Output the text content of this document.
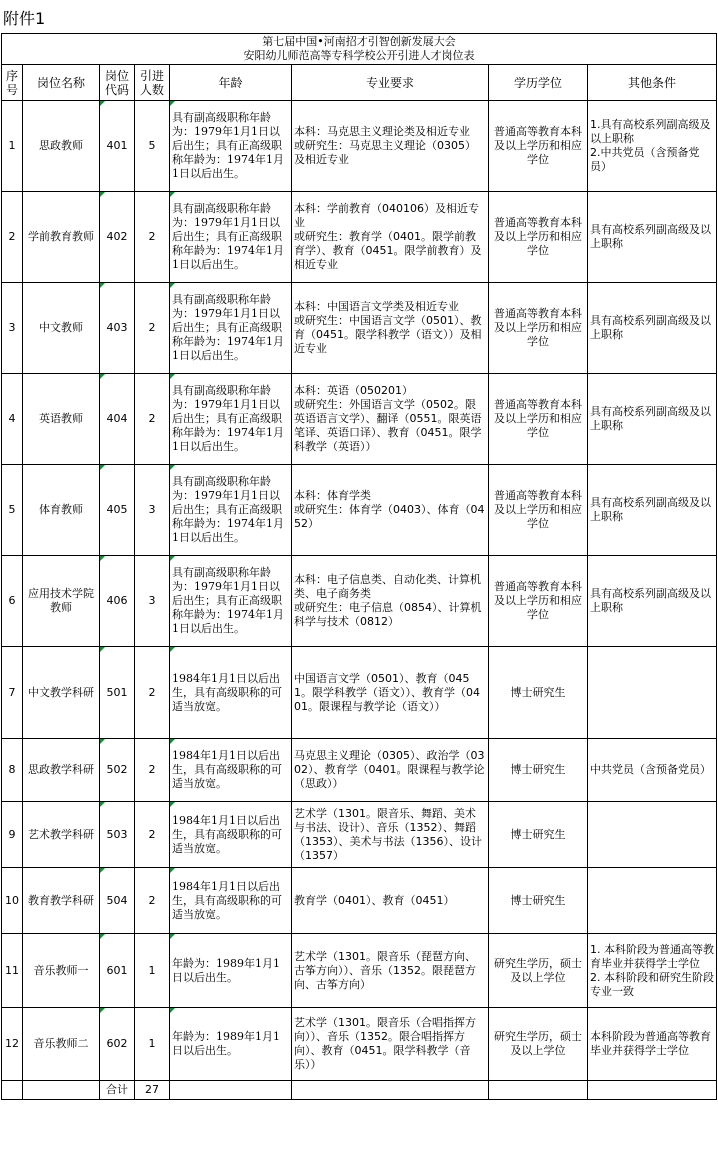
附件1
第七届中国•河南招才引智创新发展大会
安阳幼儿师范高等专科学校公开引进人才岗位表							

序号	岗位名称	岗位代码	引进人数	年龄	专业要求	学历学位	其他条件
1	思政教师	401	5	具有副高级职称年龄为：1979年1月1日以后出生；具有正高级职称年龄为：1974年1月1日以后出生。	本科：马克思主义理论类及相近专业
或研究生：马克思主义理论（0305）及相近专业	普通高等教育本科及以上学历和相应学位	1.具有高校系列副高级及以上职称
2.中共党员（含预备党员）
2	学前教育教师	402	2	具有副高级职称年龄为：1979年1月1日以后出生；具有正高级职称年龄为：1974年1月1日以后出生。	本科：学前教育（040106）及相近专业
或研究生：教育学（0401。限学前教育学）、教育（0451。限学前教育）及相近专业	普通高等教育本科及以上学历和相应学位	具有高校系列副高级及以上职称
3	中文教师	403	2	具有副高级职称年龄为：1979年1月1日以后出生；具有正高级职称年龄为：1974年1月1日以后出生。	本科：中国语言文学类及相近专业
或研究生：中国语言文学（0501）、教育（0451。限学科教学（语文））及相近专业	普通高等教育本科及以上学历和相应学位	具有高校系列副高级及以上职称
4	英语教师	404	2	具有副高级职称年龄为：1979年1月1日以后出生；具有正高级职称年龄为：1974年1月1日以后出生。	本科：英语（050201）
或研究生：外国语言文学（0502。限英语语言文学）、翻译（0551。限英语笔译、英语口译）、教育（0451。限学科教学（英语））	普通高等教育本科及以上学历和相应学位	具有高校系列副高级及以上职称
5	体育教师	405	3	具有副高级职称年龄为：1979年1月1日以后出生；具有正高级职称年龄为：1974年1月1日以后出生。	本科：体育学类
或研究生：体育学（0403）、体育（0452）	普通高等教育本科及以上学历和相应学位	具有高校系列副高级及以上职称
6	应用技术学院教师	406	3	具有副高级职称年龄为：1979年1月1日以后出生；具有正高级职称年龄为：1974年1月1日以后出生。	本科：电子信息类、自动化类、计算机类、电子商务类
或研究生：电子信息（0854）、计算机科学与技术（0812）	普通高等教育本科及以上学历和相应学位	具有高校系列副高级及以上职称
7	中文教学科研	501	2	1984年1月1日以后出生，具有高级职称的可适当放宽。	中国语言文学（0501）、教育（0451。限学科教学（语文））、教育学（0401。限课程与教学论（语文））	博士研究生	
8	思政教学科研	502	2	1984年1月1日以后出生，具有高级职称的可适当放宽。	马克思主义理论（0305）、政治学（0302）、教育学（0401。限课程与教学论（思政））	博士研究生	中共党员（含预备党员）
9	艺术教学科研	503	2	1984年1月1日以后出生，具有高级职称的可适当放宽。	艺术学（1301。限音乐、舞蹈、美术与书法、设计）、音乐（1352）、舞蹈（1353）、美术与书法（1356）、设计（1357）	博士研究生	
10	教育教学科研	504	2	1984年1月1日以后出生，具有高级职称的可适当放宽。	教育学（0401）、教育（0451）	博士研究生	
11	音乐教师一	601	1	年龄为：1989年1月1日以后出生。	艺术学（1301。限音乐（琵琶方向、古筝方向））、音乐（1352。限琵琶方向、古筝方向）	研究生学历，硕士及以上学位	1. 本科阶段为普通高等教育毕业并获得学士学位
2. 本科阶段和研究生阶段专业一致
12	音乐教师二	602	1	年龄为：1989年1月1日以后出生。	艺术学（1301。限音乐（合唱指挥方向））、音乐（1352。限合唱指挥方向）、教育（0451。限学科教学（音乐））	研究生学历，硕士及以上学位	本科阶段为普通高等教育毕业并获得学士学位
		合计	27				
